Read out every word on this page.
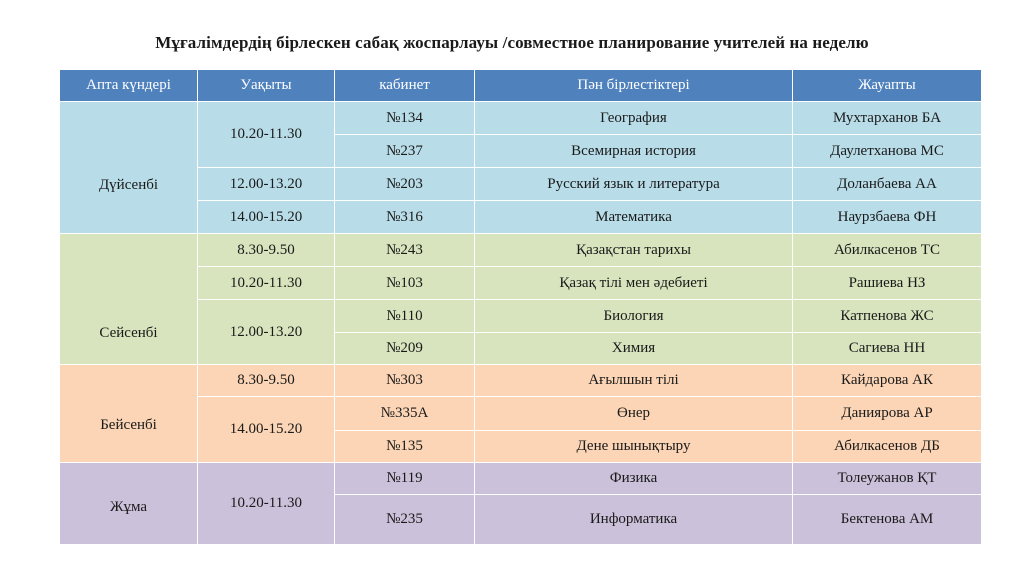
Мұғалімдердің бірлескен сабақ жоспарлауы /совместное планирование учителей на неделю
Апта күндері	Уақыты	кабинет	Пән бірлестіктері	Жауапты

Дүйсенбі	10.20-11.30	№134	География	Мухтарханов БА
		№237	Всемирная история	Даулетханова МС
	12.00-13.20	№203	Русский язык и литература	Доланбаева АА
	14.00-15.20	№316	Математика	Наурзбаева ФН

Сейсенбі	8.30-9.50	№243	Қазақстан тарихы	Абилкасенов ТС
	10.20-11.30	№103	Қазақ тілі мен әдебиеті	Рашиева НЗ
	12.00-13.20	№110	Биология	Катпенова ЖС
		№209	Химия	Сагиева НН

Бейсенбі	8.30-9.50	№303	Ағылшын тілі	Кайдарова АК
	14.00-15.20	№335А	Өнер	Даниярова АР
		№135	Дене шынықтыру	Абилкасенов ДБ

Жұма	10.20-11.30	№119	Физика	Толеужанов ҚТ
		№235	Информатика	Бектенова АМ
